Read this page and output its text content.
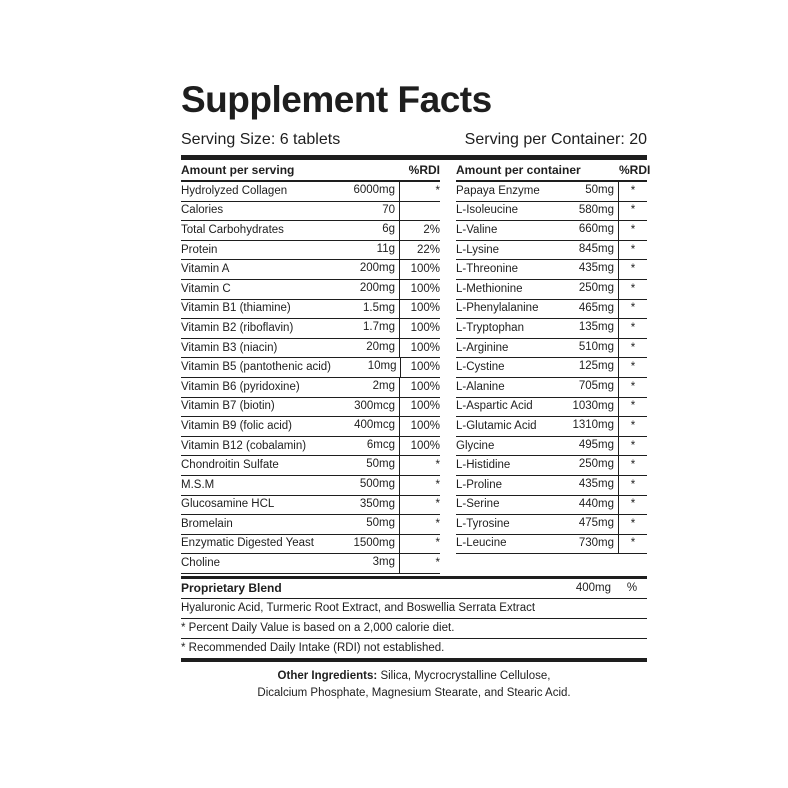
Supplement Facts
Serving Size: 6 tablets	Serving per Container: 20
Amount per serving	%RDI
Hydrolyzed Collagen	6000mg	*
Calories	70
Total Carbohydrates	6g	2%
Protein	11g	22%
Vitamin A	200mg	100%
Vitamin C	200mg	100%
Vitamin B1 (thiamine)	1.5mg	100%
Vitamin B2 (riboflavin)	1.7mg	100%
Vitamin B3 (niacin)	20mg	100%
Vitamin B5 (pantothenic acid)	10mg	100%
Vitamin B6 (pyridoxine)	2mg	100%
Vitamin B7 (biotin)	300mcg	100%
Vitamin B9 (folic acid)	400mcg	100%
Vitamin B12 (cobalamin)	6mcg	100%
Chondroitin Sulfate	50mg	*
M.S.M	500mg	*
Glucosamine HCL	350mg	*
Bromelain	50mg	*
Enzymatic Digested Yeast	1500mg	*
Choline	3mg	*
Amount per container	%RDI
Papaya Enzyme	50mg	*
L-Isoleucine	580mg	*
L-Valine	660mg	*
L-Lysine	845mg	*
L-Threonine	435mg	*
L-Methionine	250mg	*
L-Phenylalanine	465mg	*
L-Tryptophan	135mg	*
L-Arginine	510mg	*
L-Cystine	125mg	*
L-Alanine	705mg	*
L-Aspartic Acid	1030mg	*
L-Glutamic Acid	1310mg	*
Glycine	495mg	*
L-Histidine	250mg	*
L-Proline	435mg	*
L-Serine	440mg	*
L-Tyrosine	475mg	*
L-Leucine	730mg	*
Proprietary Blend	400mg	%
Hyaluronic Acid, Turmeric Root Extract, and Boswellia Serrata Extract
* Percent Daily Value is based on a 2,000 calorie diet.
* Recommended Daily Intake (RDI) not established.
Other Ingredients: Silica, Mycrocrystalline Cellulose,
Dicalcium Phosphate, Magnesium Stearate, and Stearic Acid.
